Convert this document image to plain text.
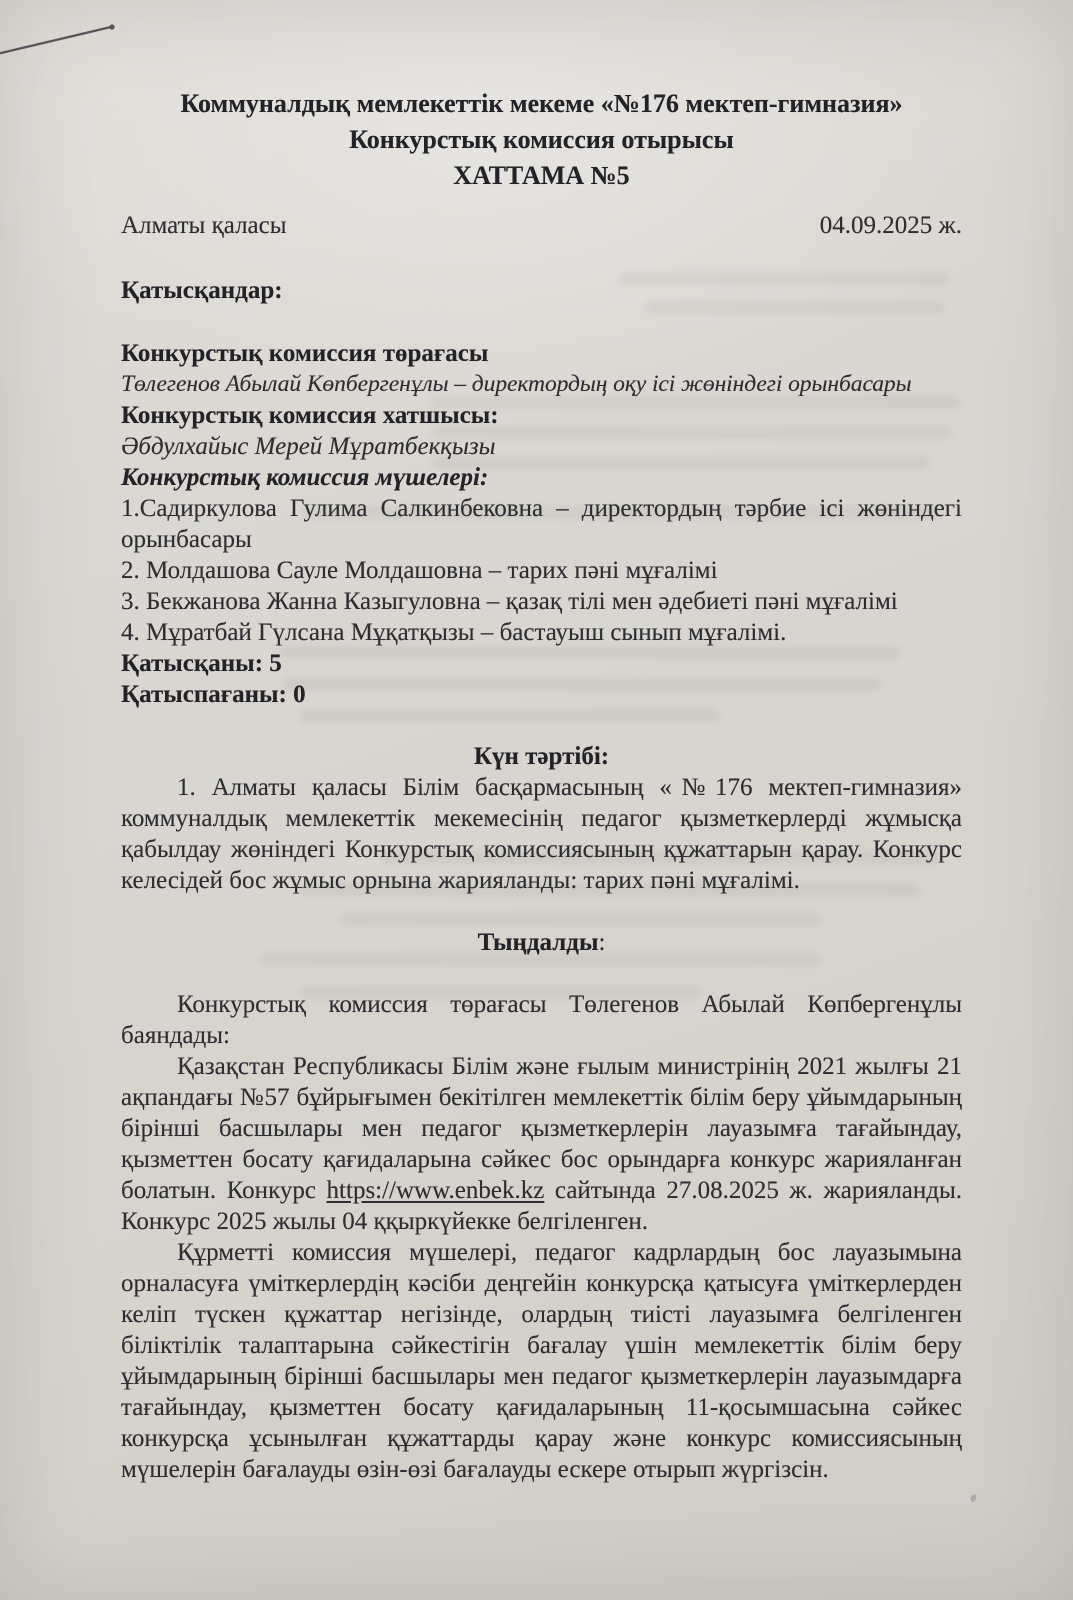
Коммуналдық мемлекеттік мекеме «№176 мектеп-гимназия»

Конкурстық комиссия отырысы

ХАТТАМА №5

Алматы қаласы	04.09.2025 ж.

Қатысқандар:

Конкурстық комиссия төрағасы

Төлегенов Абылай Көпбергенұлы – директордың оқу ісі жөніндегі орынбасары

Конкурстық комиссия хатшысы:

Әбдулхайыс Мерей Мұратбекқызы

Конкурстық комиссия мүшелері:

1.Садиркулова Гулима Салкинбековна – директордың тәрбие ісі жөніндегі орынбасары

2. Молдашова Сауле Молдашовна – тарих пәні мұғалімі

3. Бекжанова Жанна Казыгуловна – қазақ тілі мен әдебиеті пәні мұғалімі

4. Мұратбай Гүлсана Мұқатқызы – бастауыш сынып мұғалімі.

Қатысқаны: 5

Қатыспағаны: 0

Күн тәртібі:

1. Алматы қаласы Білім басқармасының «№176 мектеп-гимназия» коммуналдық мемлекеттік мекемесінің педагог қызметкерлерді жұмысқа қабылдау жөніндегі Конкурстық комиссиясының құжаттарын қарау. Конкурс келесідей бос жұмыс орнына жарияланды: тарих пәні мұғалімі.

Тыңдалды:

Конкурстық комиссия төрағасы Төлегенов Абылай Көпбергенұлы баяндады:

Қазақстан Республикасы Білім және ғылым министрінің 2021 жылғы 21 ақпандағы №57 бұйрығымен бекітілген мемлекеттік білім беру ұйымдарының бірінші басшылары мен педагог қызметкерлерін лауазымға тағайындау, қызметтен босату қағидаларына сәйкес бос орындарға конкурс жарияланған болатын. Конкурс https://www.enbek.kz сайтында 27.08.2025 ж. жарияланды. Конкурс 2025 жылы 04 ққыркүйекке белгіленген.

Құрметті комиссия мүшелері, педагог кадрлардың бос лауазымына орналасуға үміткерлердің кәсіби деңгейін конкурсқа қатысуға үміткерлерден келіп түскен құжаттар негізінде, олардың тиісті лауазымға белгіленген біліктілік талаптарына сәйкестігін бағалау үшін мемлекеттік білім беру ұйымдарының бірінші басшылары мен педагог қызметкерлерін лауазымдарға тағайындау, қызметтен босату қағидаларының 11-қосымшасына сәйкес конкурсқа ұсынылған құжаттарды қарау және конкурс комиссиясының мүшелерін бағалауды өзін-өзі бағалауды ескере отырып жүргізсін.
